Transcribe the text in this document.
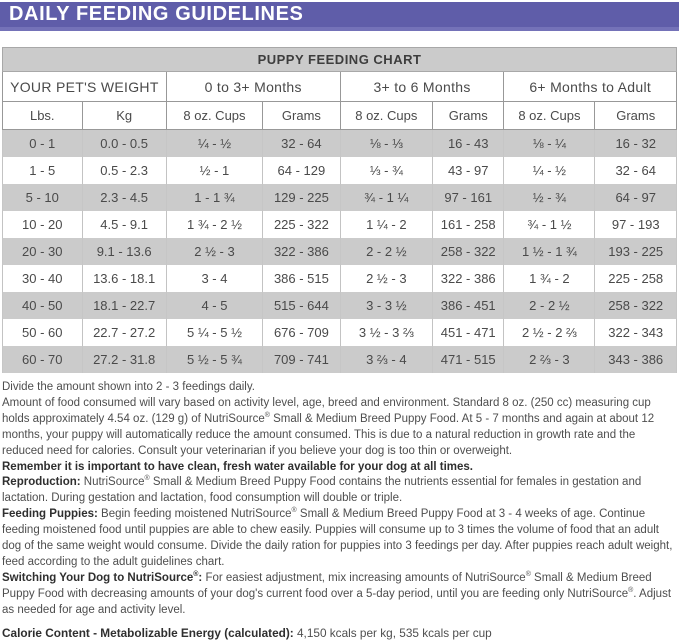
DAILY FEEDING GUIDELINES
PUPPY FEEDING CHART							
YOUR PET'S WEIGHT		0 to 3+ Months		3+ to 6 Months		6+ Months to Adult	
Lbs.	Kg	8 oz. Cups	Grams	8 oz. Cups	Grams	8 oz. Cups	Grams
0 - 1	0.0 - 0.5	¼ - ½	32 - 64	⅛ - ⅓	16 - 43	⅛ - ¼	16 - 32
1 - 5	0.5 - 2.3	½ - 1	64 - 129	⅓ - ¾	43 - 97	¼ - ½	32 - 64
5 - 10	2.3 - 4.5	1 - 1 ¾	129 - 225	¾ - 1 ¼	97 - 161	½ - ¾	64 - 97
10 - 20	4.5 - 9.1	1 ¾ - 2 ½	225 - 322	1 ¼ - 2	161 - 258	¾ - 1 ½	97 - 193
20 - 30	9.1 - 13.6	2 ½ - 3	322 - 386	2 - 2 ½	258 - 322	1 ½ - 1 ¾	193 - 225
30 - 40	13.6 - 18.1	3 - 4	386 - 515	2 ½ - 3	322 - 386	1 ¾ - 2	225 - 258
40 - 50	18.1 - 22.7	4 - 5	515 - 644	3 - 3 ½	386 - 451	2 - 2 ½	258 - 322
50 - 60	22.7 - 27.2	5 ¼ - 5 ½	676 - 709	3 ½ - 3 ⅔	451 - 471	2 ½ - 2 ⅔	322 - 343
60 - 70	27.2 - 31.8	5 ½ - 5 ¾	709 - 741	3 ⅔ - 4	471 - 515	2 ⅔ - 3	343 - 386

Divide the amount shown into 2 - 3 feedings daily.

Amount of food consumed will vary based on activity level, age, breed and environment. Standard 8 oz. (250 cc) measuring cup holds approximately 4.54 oz. (129 g) of NutriSource® Small & Medium Breed Puppy Food. At 5 - 7 months and again at about 12 months, your puppy will automatically reduce the amount consumed. This is due to a natural reduction in growth rate and the reduced need for calories. Consult your veterinarian if you believe your dog is too thin or overweight.

Remember it is important to have clean, fresh water available for your dog at all times.

Reproduction: NutriSource® Small & Medium Breed Puppy Food contains the nutrients essential for females in gestation and lactation. During gestation and lactation, food consumption will double or triple.

Feeding Puppies: Begin feeding moistened NutriSource® Small & Medium Breed Puppy Food at 3 - 4 weeks of age. Continue feeding moistened food until puppies are able to chew easily. Puppies will consume up to 3 times the volume of food that an adult dog of the same weight would consume. Divide the daily ration for puppies into 3 feedings per day. After puppies reach adult weight, feed according to the adult guidelines chart.

Switching Your Dog to NutriSource®: For easiest adjustment, mix increasing amounts of NutriSource® Small & Medium Breed Puppy Food with decreasing amounts of your dog's current food over a 5-day period, until you are feeding only NutriSource®. Adjust as needed for age and activity level.

Calorie Content - Metabolizable Energy (calculated): 4,150 kcals per kg, 535 kcals per cup
